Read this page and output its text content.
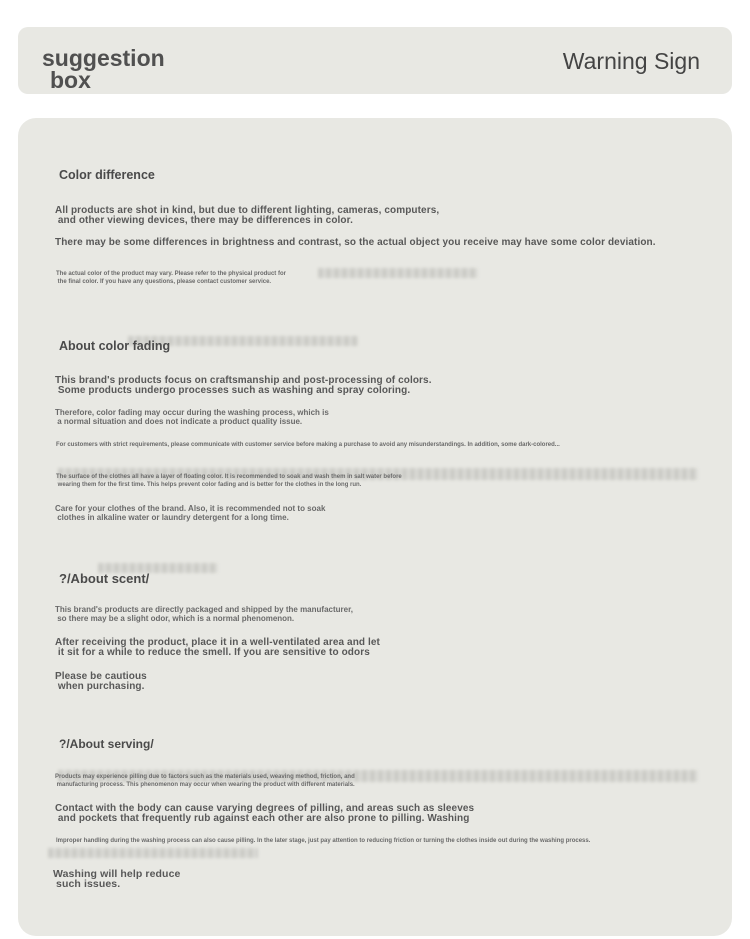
suggestion
box
Warning Sign
Color difference
All products are shot in kind, but due to different lighting, cameras, computers,
and other viewing devices, there may be differences in color.
There may be some differences in brightness and contrast, so the actual object you receive may have some color deviation.
The actual color of the product may vary. Please refer to the physical product for
the final color. If you have any questions, please contact customer service.
About color fading
This brand's products focus on craftsmanship and post-processing of colors.
Some products undergo processes such as washing and spray coloring.
Therefore, color fading may occur during the washing process, which is
a normal situation and does not indicate a product quality issue.
For customers with strict requirements, please communicate with customer service before making a purchase to avoid any misunderstandings. In addition, some dark-colored...
The surface of the clothes all have a layer of floating color. It is recommended to soak and wash them in salt water before
wearing them for the first time. This helps prevent color fading and is better for the clothes in the long run.
Care for your clothes of the brand. Also, it is recommended not to soak
clothes in alkaline water or laundry detergent for a long time.
?/About scent/
This brand's products are directly packaged and shipped by the manufacturer,
so there may be a slight odor, which is a normal phenomenon.
After receiving the product, place it in a well-ventilated area and let
it sit for a while to reduce the smell. If you are sensitive to odors
Please be cautious
when purchasing.
?/About serving/
Products may experience pilling due to factors such as the materials used, weaving method, friction, and
manufacturing process. This phenomenon may occur when wearing the product with different materials.
Contact with the body can cause varying degrees of pilling, and areas such as sleeves
and pockets that frequently rub against each other are also prone to pilling. Washing
Improper handling during the washing process can also cause pilling. In the later stage, just pay attention to reducing friction or turning the clothes inside out during the washing process.
Washing will help reduce
such issues.
